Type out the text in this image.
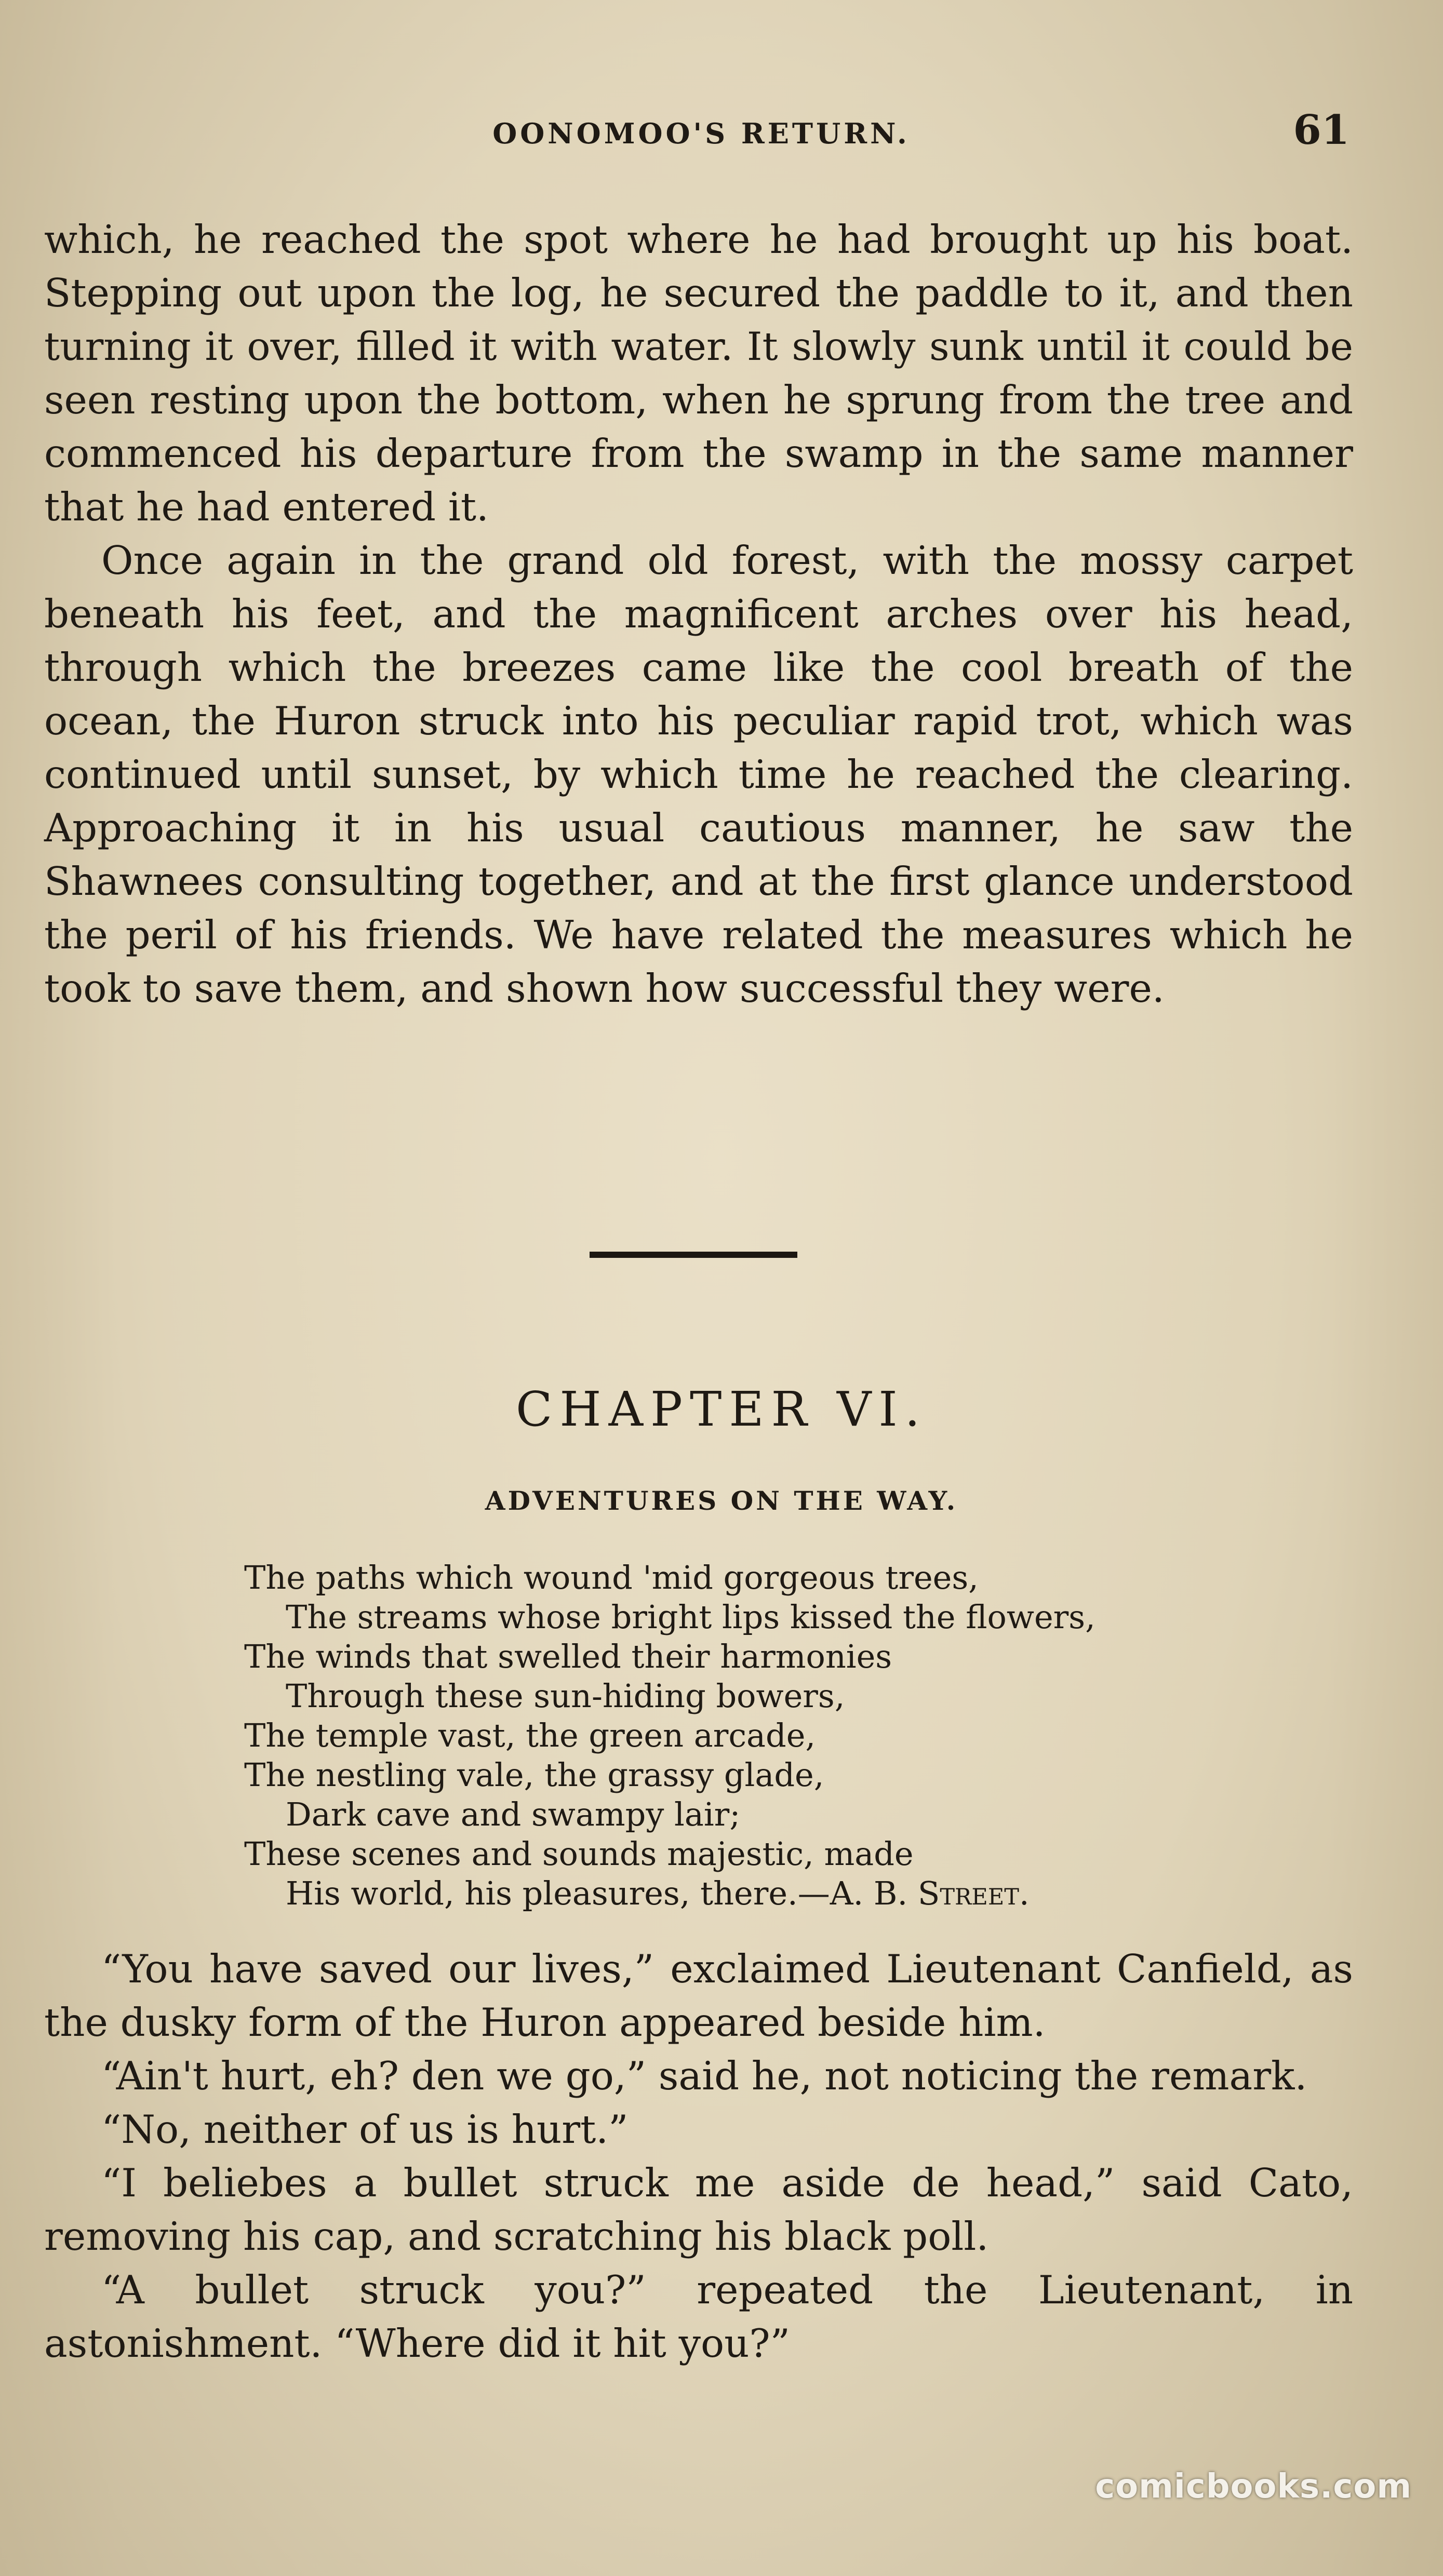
OONOMOO'S RETURN.	61

which, he reached the spot where he had brought up his boat. Stepping out upon the log, he secured the paddle to it, and then turning it over, filled it with water. It slowly sunk until it could be seen resting upon the bottom, when he sprung from the tree and commenced his departure from the swamp in the same manner that he had entered it.

Once again in the grand old forest, with the mossy carpet beneath his feet, and the magnificent arches over his head, through which the breezes came like the cool breath of the ocean, the Huron struck into his peculiar rapid trot, which was continued until sunset, by which time he reached the clearing. Approaching it in his usual cautious manner, he saw the Shawnees consulting together, and at the first glance understood the peril of his friends. We have related the measures which he took to save them, and shown how successful they were.

CHAPTER VI.
ADVENTURES ON THE WAY.
The paths which wound 'mid gorgeous trees,
The streams whose bright lips kissed the flowers,
The winds that swelled their harmonies
Through these sun-hiding bowers,
The temple vast, the green arcade,
The nestling vale, the grassy glade,
Dark cave and swampy lair;
These scenes and sounds majestic, made
His world, his pleasures, there.—A. B. Street.

“You have saved our lives,” exclaimed Lieutenant Canfield, as the dusky form of the Huron appeared beside him.

“Ain't hurt, eh? den we go,” said he, not noticing the remark.

“No, neither of us is hurt.”

“I beliebes a bullet struck me aside de head,” said Cato, removing his cap, and scratching his black poll.

“A bullet struck you?” repeated the Lieutenant, in astonishment. “Where did it hit you?”

comicbooks.com
